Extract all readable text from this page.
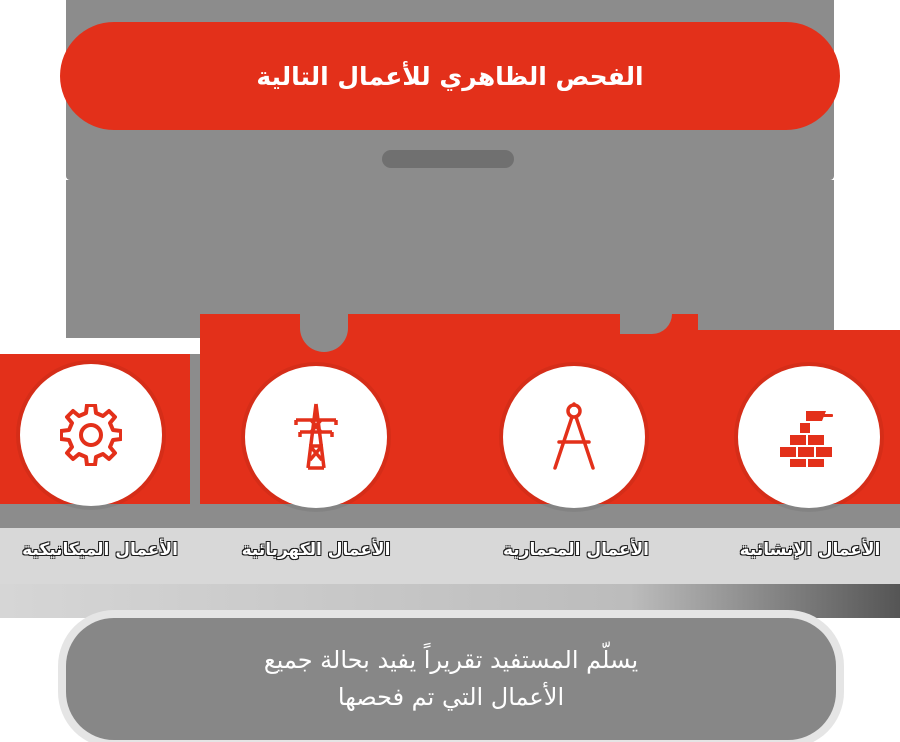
الفحص الظاهري للأعمال التالية
الأعمال الميكانيكية	الأعمال الكهربائية	الأعمال المعمارية	الأعمال الإنشائية
يسلّم المستفيد تقريراً يفيد بحالة جميع
الأعمال التي تم فحصها
